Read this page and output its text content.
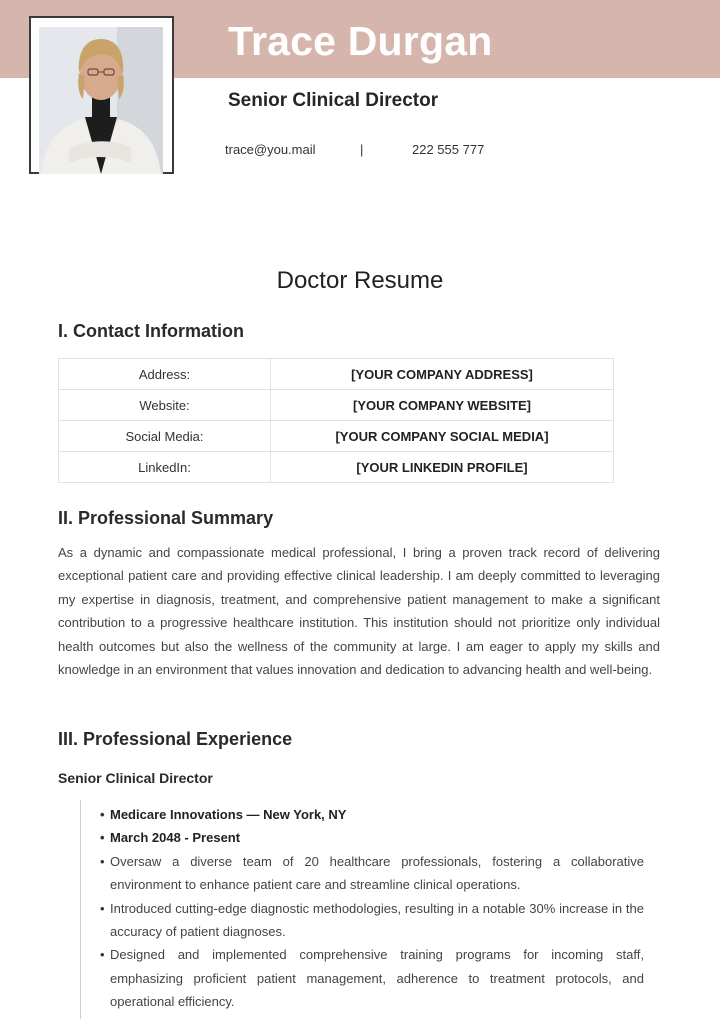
Trace Durgan
Senior Clinical Director
trace@you.mail	|	222 555 777
Doctor Resume
I. Contact Information
Address:	[YOUR COMPANY ADDRESS]
Website:	[YOUR COMPANY WEBSITE]
Social Media:	[YOUR COMPANY SOCIAL MEDIA]
LinkedIn:	[YOUR LINKEDIN PROFILE]
II. Professional Summary

As a dynamic and compassionate medical professional, I bring a proven track record of delivering exceptional patient care and providing effective clinical leadership. I am deeply committed to leveraging my expertise in diagnosis, treatment, and comprehensive patient management to make a significant contribution to a progressive healthcare institution. This institution should not prioritize only individual health outcomes but also the wellness of the community at large. I am eager to apply my skills and knowledge in an environment that values innovation and dedication to advancing health and well-being.

III. Professional Experience
Senior Clinical Director
• Medicare Innovations — New York, NY
• March 2048 - Present
• Oversaw a diverse team of 20 healthcare professionals, fostering a collaborative environment to enhance patient care and streamline clinical operations.
• Introduced cutting-edge diagnostic methodologies, resulting in a notable 30% increase in the accuracy of patient diagnoses.
• Designed and implemented comprehensive training programs for incoming staff, emphasizing proficient patient management, adherence to treatment protocols, and operational efficiency.
